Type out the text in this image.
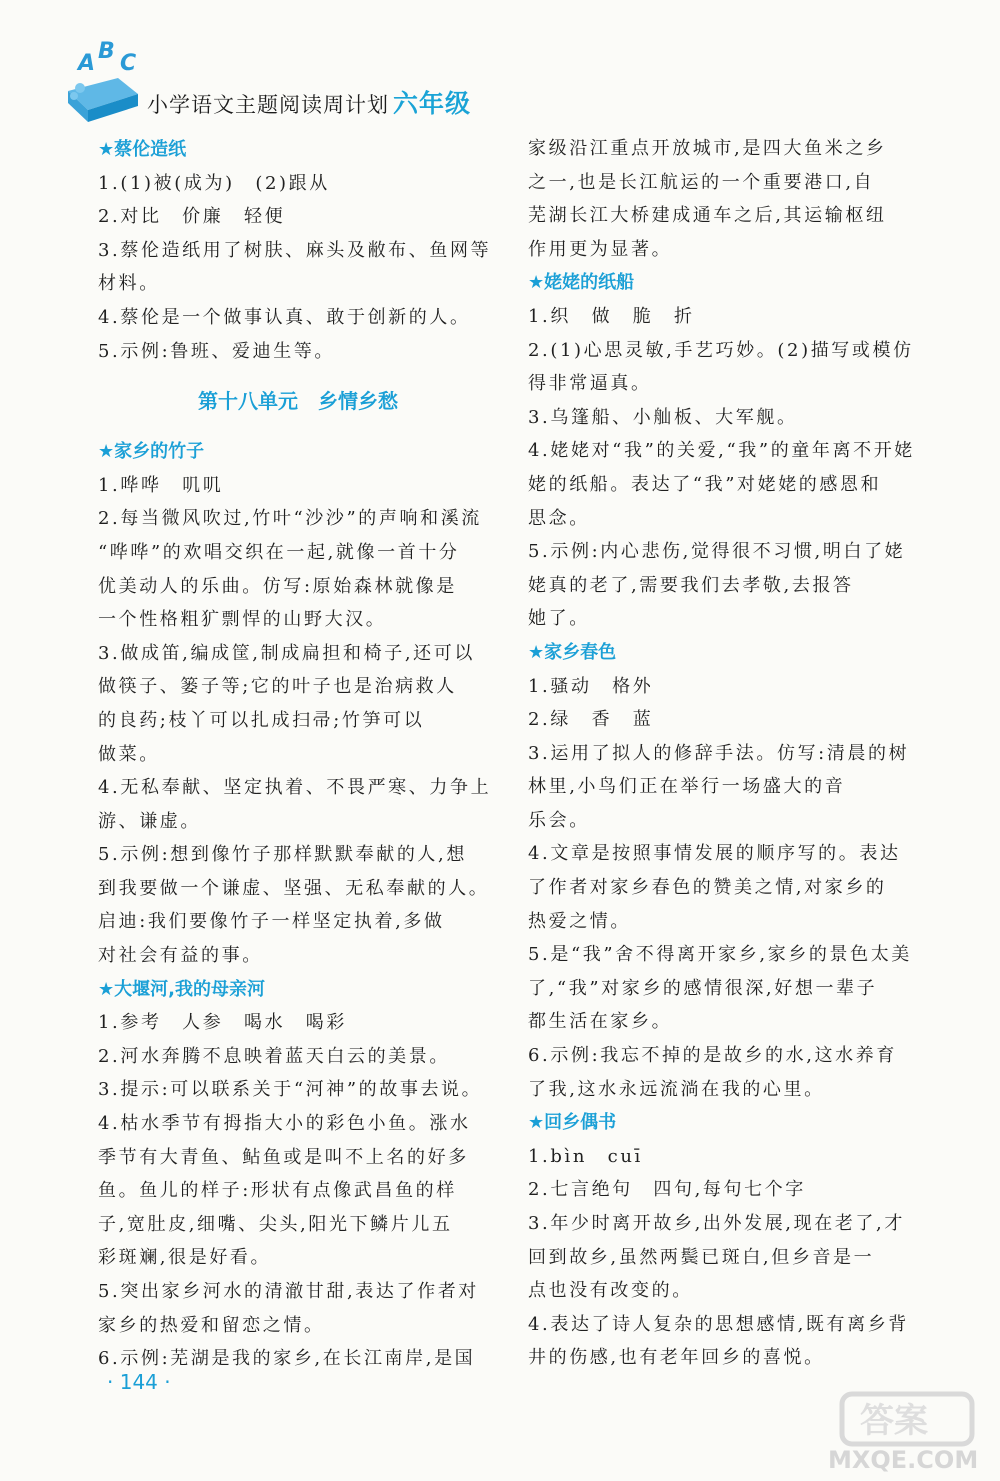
A B C
小学语文主题阅读周计划 六年级
★蔡伦造纸
1.(1)被(成为)　(2)跟从
2.对比　价廉　轻便
3.蔡伦造纸用了树肤、麻头及敝布、鱼网等
材料。
4.蔡伦是一个做事认真、敢于创新的人。
5.示例:鲁班、爱迪生等。
第十八单元　乡情乡愁
★家乡的竹子
1.哗哗　叽叽
2.每当微风吹过,竹叶“沙沙”的声响和溪流
“哗哗”的欢唱交织在一起,就像一首十分
优美动人的乐曲。仿写:原始森林就像是
一个性格粗犷剽悍的山野大汉。
3.做成笛,编成筐,制成扁担和椅子,还可以
做筷子、篓子等;它的叶子也是治病救人
的良药;枝丫可以扎成扫帚;竹笋可以
做菜。
4.无私奉献、坚定执着、不畏严寒、力争上
游、谦虚。
5.示例:想到像竹子那样默默奉献的人,想
到我要做一个谦虚、坚强、无私奉献的人。
启迪:我们要像竹子一样坚定执着,多做
对社会有益的事。
★大堰河,我的母亲河
1.参考　人参　喝水　喝彩
2.河水奔腾不息映着蓝天白云的美景。
3.提示:可以联系关于“河神”的故事去说。
4.枯水季节有拇指大小的彩色小鱼。涨水
季节有大青鱼、鲇鱼或是叫不上名的好多
鱼。鱼儿的样子:形状有点像武昌鱼的样
子,宽肚皮,细嘴、尖头,阳光下鳞片儿五
彩斑斓,很是好看。
5.突出家乡河水的清澈甘甜,表达了作者对
家乡的热爱和留恋之情。
6.示例:芜湖是我的家乡,在长江南岸,是国
家级沿江重点开放城市,是四大鱼米之乡
之一,也是长江航运的一个重要港口,自
芜湖长江大桥建成通车之后,其运输枢纽
作用更为显著。
★姥姥的纸船
1.织　做　脆　折
2.(1)心思灵敏,手艺巧妙。(2)描写或模仿
得非常逼真。
3.乌篷船、小舢板、大军舰。
4.姥姥对“我”的关爱,“我”的童年离不开姥
姥的纸船。表达了“我”对姥姥的感恩和
思念。
5.示例:内心悲伤,觉得很不习惯,明白了姥
姥真的老了,需要我们去孝敬,去报答
她了。
★家乡春色
1.骚动　格外
2.绿　香　蓝
3.运用了拟人的修辞手法。仿写:清晨的树
林里,小鸟们正在举行一场盛大的音
乐会。
4.文章是按照事情发展的顺序写的。表达
了作者对家乡春色的赞美之情,对家乡的
热爱之情。
5.是“我”舍不得离开家乡,家乡的景色太美
了,“我”对家乡的感情很深,好想一辈子
都生活在家乡。
6.示例:我忘不掉的是故乡的水,这水养育
了我,这水永远流淌在我的心里。
★回乡偶书
1.bìn　cuī
2.七言绝句　四句,每句七个字
3.年少时离开故乡,出外发展,现在老了,才
回到故乡,虽然两鬓已斑白,但乡音是一
点也没有改变的。
4.表达了诗人复杂的思想感情,既有离乡背
井的伤感,也有老年回乡的喜悦。
· 144 ·
答案
MXQE.COM
